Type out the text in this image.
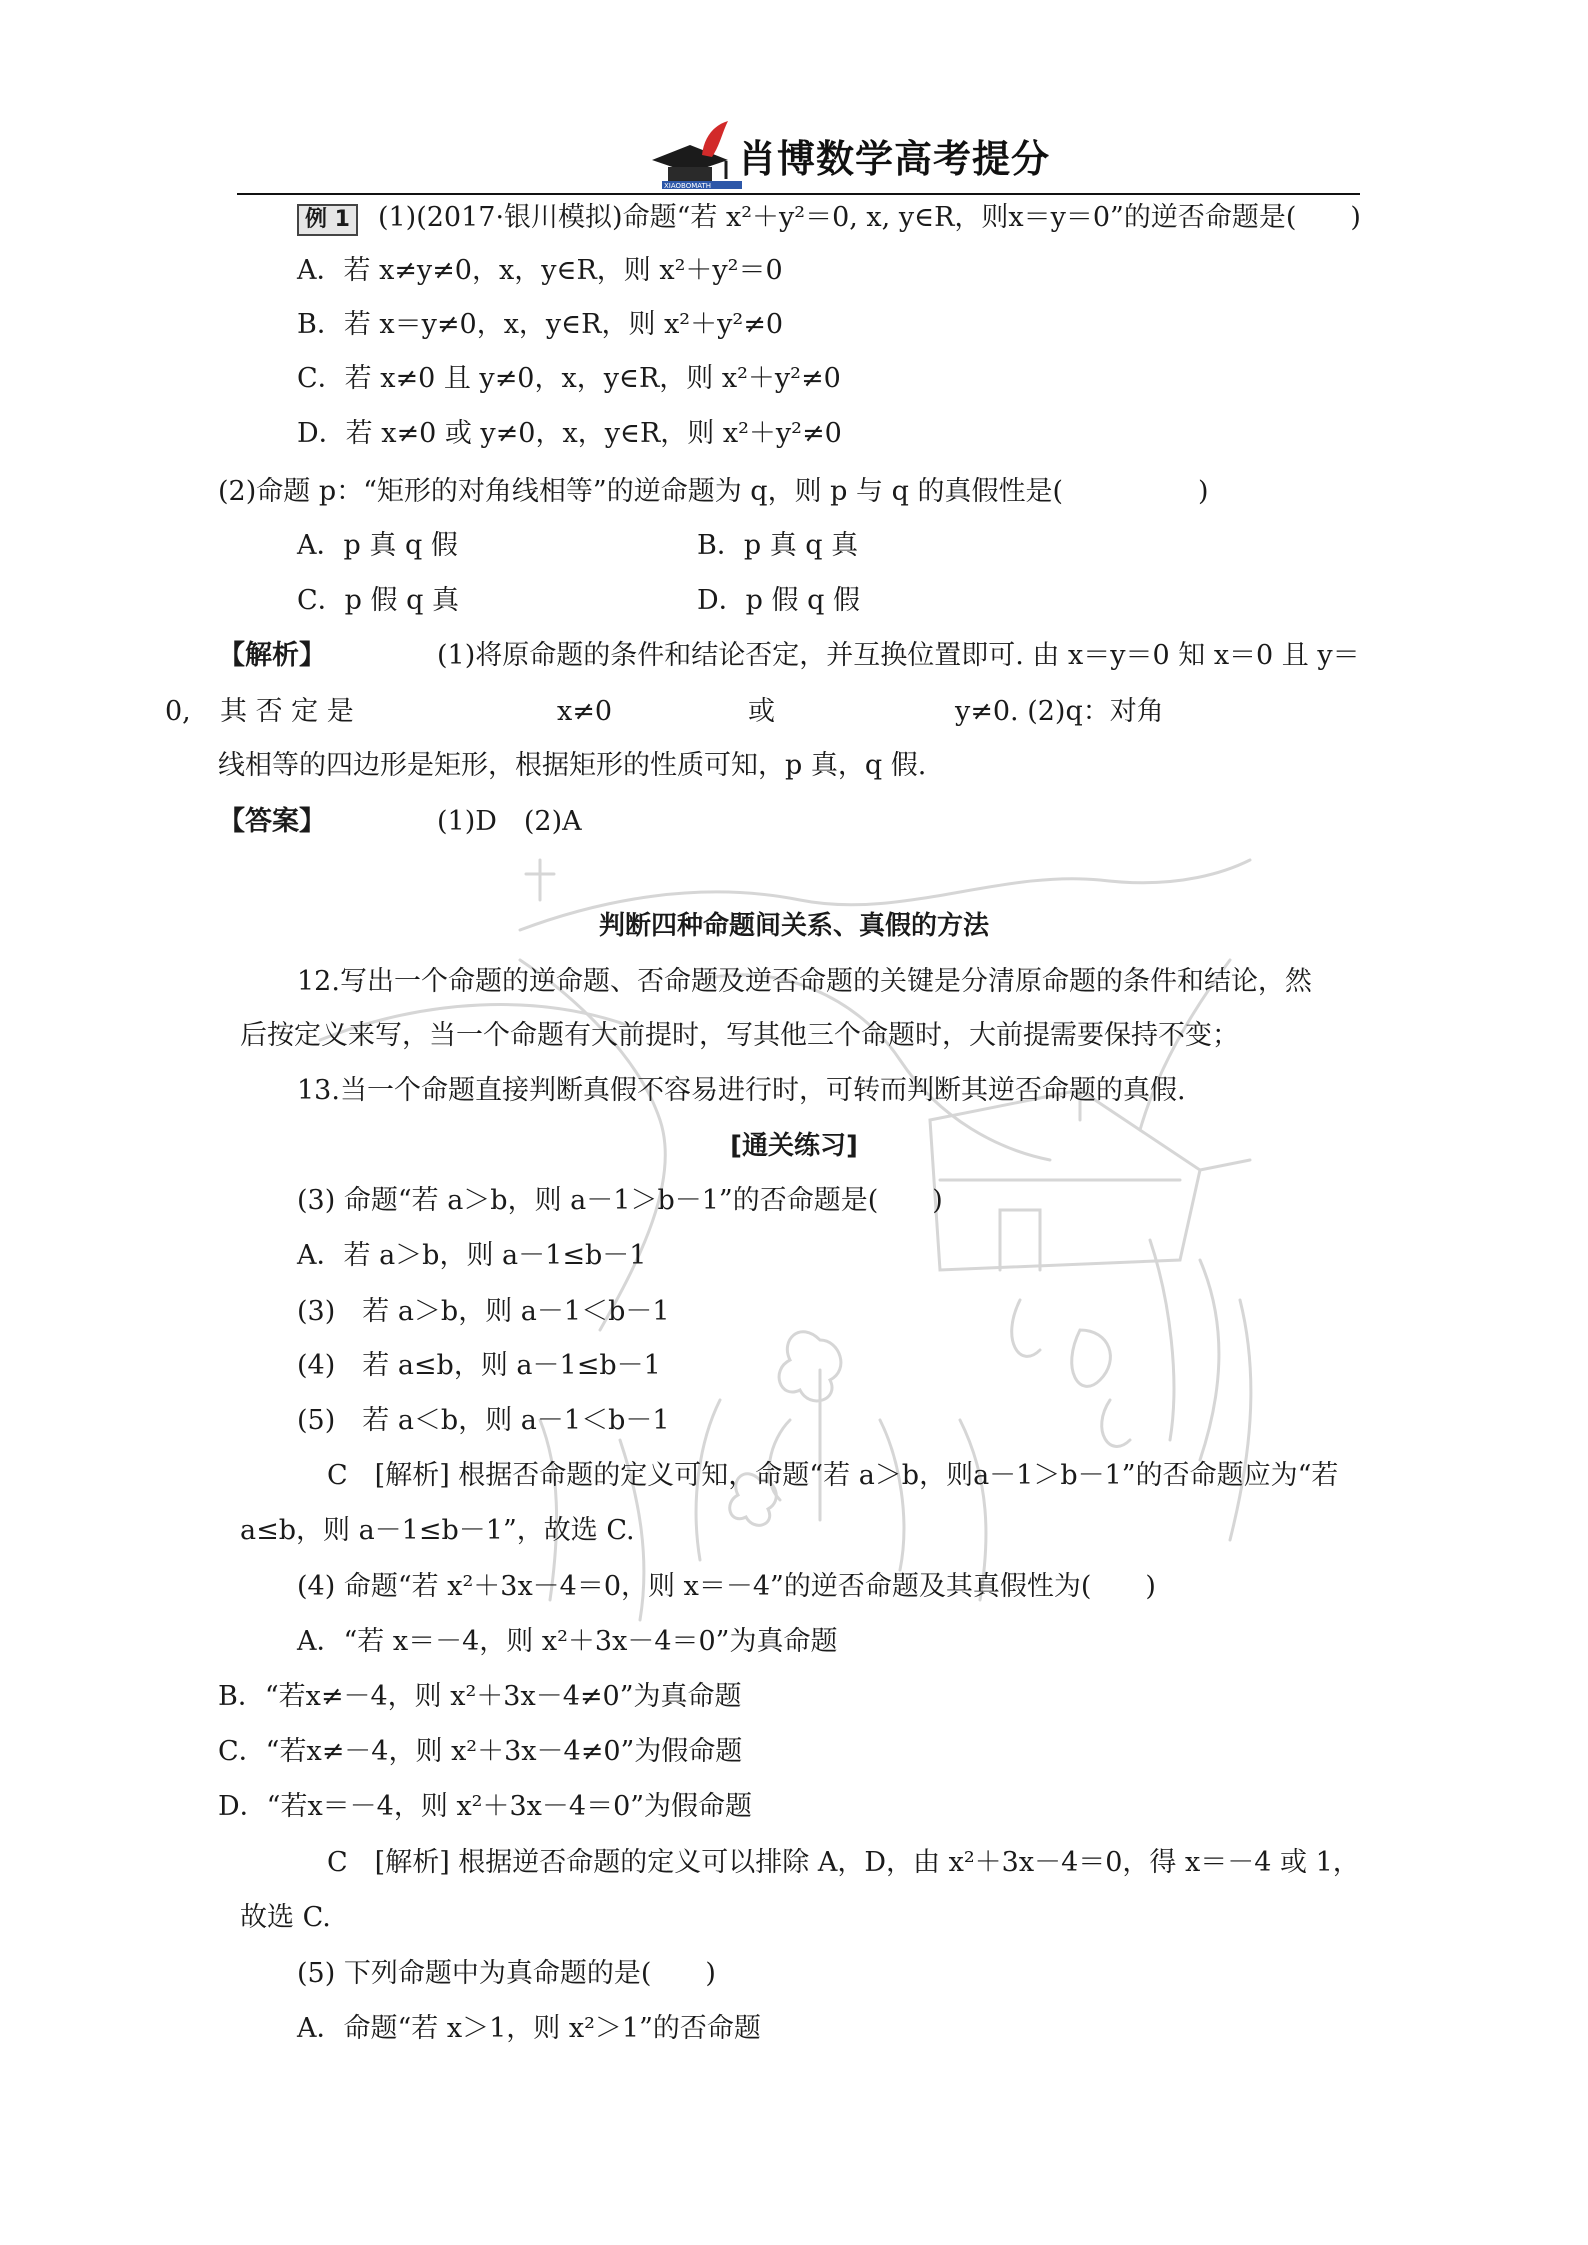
XIAOBOMATH
肖博数学高考提分
例 1 (1)(2017·银川模拟)命题“若 x²＋y²＝0, x, y∈R，则x＝y＝0”的逆否命题是(　　)
A．若 x≠y≠0，x，y∈R，则 x²＋y²＝0
B．若 x＝y≠0，x，y∈R，则 x²＋y²≠0
C．若 x≠0 且 y≠0，x，y∈R，则 x²＋y²≠0
D．若 x≠0 或 y≠0，x，y∈R，则 x²＋y²≠0
(2)命题 p：“矩形的对角线相等”的逆命题为 q，则 p 与 q 的真假性是(　　　　　)
A．p 真 q 假	B．p 真 q 真
C．p 假 q 真	D．p 假 q 假
【解析】	(1)将原命题的条件和结论否定，并互换位置即可. 由 x＝y＝0 知 x＝0 且 y＝
0, 其 否 定 是	x≠0	或	y≠0. (2)q：对角
线相等的四边形是矩形，根据矩形的性质可知，p 真，q 假.
【答案】	(1)D　(2)A
判断四种命题间关系、真假的方法
12.写出一个命题的逆命题、否命题及逆否命题的关键是分清原命题的条件和结论，然
后按定义来写，当一个命题有大前提时，写其他三个命题时，大前提需要保持不变；
13.当一个命题直接判断真假不容易进行时，可转而判断其逆否命题的真假.
[通关练习]
(3) 命题“若 a＞b，则 a－1＞b－1”的否命题是(　　)
A．若 a＞b，则 a－1≤b－1
(3)　若 a＞b，则 a－1＜b－1
(4)　若 a≤b，则 a－1≤b－1
(5)　若 a＜b，则 a－1＜b－1
C　[解析] 根据否命题的定义可知，命题“若 a＞b，则a－1＞b－1”的否命题应为“若
a≤b，则 a－1≤b－1”，故选 C.
(4) 命题“若 x²＋3x－4＝0，则 x＝－4”的逆否命题及其真假性为(　　)
A．“若 x＝－4，则 x²＋3x－4＝0”为真命题
B．“若x≠－4，则 x²＋3x－4≠0”为真命题
C．“若x≠－4，则 x²＋3x－4≠0”为假命题
D．“若x＝－4，则 x²＋3x－4＝0”为假命题
C　[解析] 根据逆否命题的定义可以排除 A，D，由 x²＋3x－4＝0，得 x＝－4 或 1，
故选 C.
(5) 下列命题中为真命题的是(　　)
A．命题“若 x＞1，则 x²＞1”的否命题
